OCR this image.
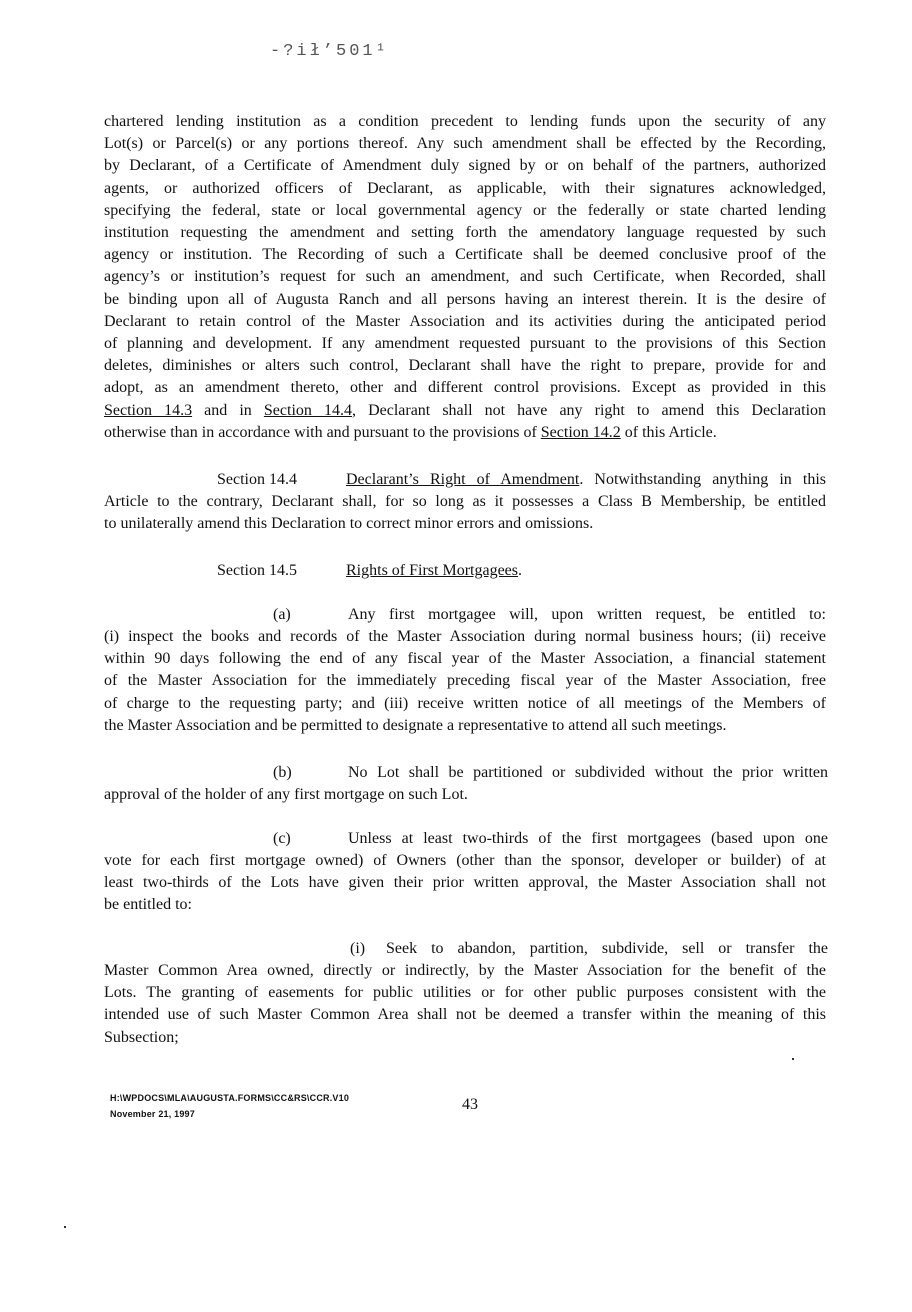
-?ił’501¹
chartered lending institution as a condition precedent to lending funds upon the security of any
Lot(s) or Parcel(s) or any portions thereof. Any such amendment shall be effected by the Recording,
by Declarant, of a Certificate of Amendment duly signed by or on behalf of the partners, authorized
agents, or authorized officers of Declarant, as applicable, with their signatures acknowledged,
specifying the federal, state or local governmental agency or the federally or state charted lending
institution requesting the amendment and setting forth the amendatory language requested by such
agency or institution. The Recording of such a Certificate shall be deemed conclusive proof of the
agency’s or institution’s request for such an amendment, and such Certificate, when Recorded, shall
be binding upon all of Augusta Ranch and all persons having an interest therein. It is the desire of
Declarant to retain control of the Master Association and its activities during the anticipated period
of planning and development. If any amendment requested pursuant to the provisions of this Section
deletes, diminishes or alters such control, Declarant shall have the right to prepare, provide for and
adopt, as an amendment thereto, other and different control provisions. Except as provided in this
Section 14.3 and in Section 14.4, Declarant shall not have any right to amend this Declaration
otherwise than in accordance with and pursuant to the provisions of Section 14.2 of this Article.
Section 14.4	Declarant’s Right of Amendment. Notwithstanding anything in this
Article to the contrary, Declarant shall, for so long as it possesses a Class B Membership, be entitled
to unilaterally amend this Declaration to correct minor errors and omissions.
Section 14.5	Rights of First Mortgagees.
(a)	Any first mortgagee will, upon written request, be entitled to:
(i) inspect the books and records of the Master Association during normal business hours; (ii) receive
within 90 days following the end of any fiscal year of the Master Association, a financial statement
of the Master Association for the immediately preceding fiscal year of the Master Association, free
of charge to the requesting party; and (iii) receive written notice of all meetings of the Members of
the Master Association and be permitted to designate a representative to attend all such meetings.
(b)	No Lot shall be partitioned or subdivided without the prior written
approval of the holder of any first mortgage on such Lot.
(c)	Unless at least two-thirds of the first mortgagees (based upon one
vote for each first mortgage owned) of Owners (other than the sponsor, developer or builder) of at
least two-thirds of the Lots have given their prior written approval, the Master Association shall not
be entitled to:
(i) Seek to abandon, partition, subdivide, sell or transfer the
Master Common Area owned, directly or indirectly, by the Master Association for the benefit of the
Lots. The granting of easements for public utilities or for other public purposes consistent with the
intended use of such Master Common Area shall not be deemed a transfer within the meaning of this
Subsection;
H:\WPDOCS\MLA\AUGUSTA.FORMS\CC&RS\CCR.V10
November 21, 1997
43
